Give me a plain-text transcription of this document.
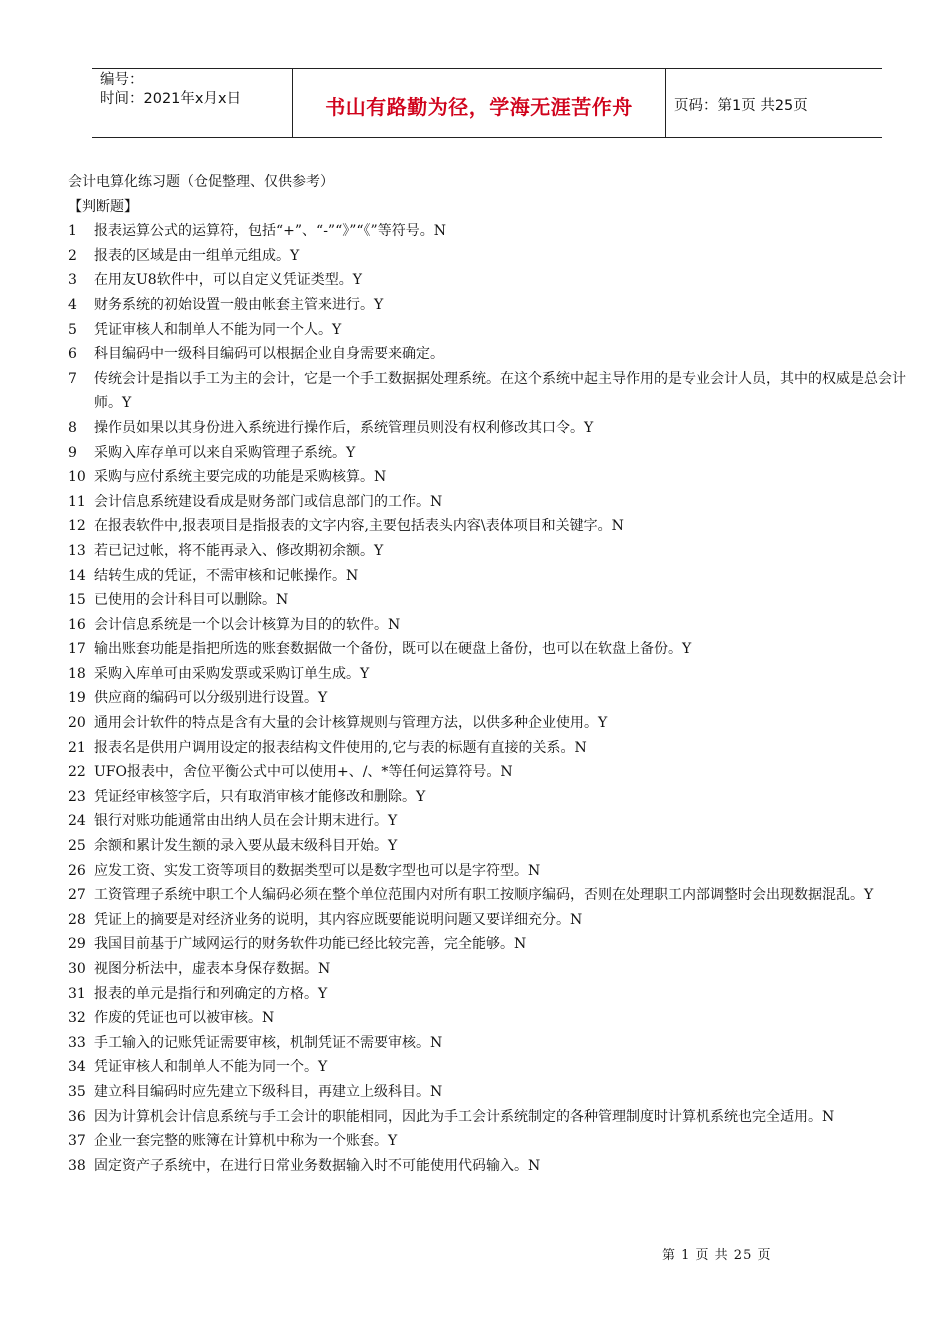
编号：
时间：2021年x月x日	书山有路勤为径，学海无涯苦作舟	页码：第1页 共25页
会计电算化练习题（仓促整理、仅供参考）
【判断题】
1	报表运算公式的运算符，包括“+”、“-”“》”“《”等符号。N
2	报表的区域是由一组单元组成。Y
3	在用友U8软件中，可以自定义凭证类型。Y
4	财务系统的初始设置一般由帐套主管来进行。Y
5	凭证审核人和制单人不能为同一个人。Y
6	科目编码中一级科目编码可以根据企业自身需要来确定。
7	传统会计是指以手工为主的会计，它是一个手工数据据处理系统。在这个系统中起主导作用的是专业会计人员，其中的权威是总会计师。Y
8	操作员如果以其身份进入系统进行操作后，系统管理员则没有权利修改其口令。Y
9	采购入库存单可以来自采购管理子系统。Y
10 采购与应付系统主要完成的功能是采购核算。N
11 会计信息系统建设看成是财务部门或信息部门的工作。N
12 在报表软件中,报表项目是指报表的文字内容,主要包括表头内容\表体项目和关键字。N
13 若已记过帐，将不能再录入、修改期初余额。Y
14 结转生成的凭证，不需审核和记帐操作。N
15 已使用的会计科目可以删除。N
16 会计信息系统是一个以会计核算为目的的软件。N
17 输出账套功能是指把所选的账套数据做一个备份，既可以在硬盘上备份，也可以在软盘上备份。Y
18 采购入库单可由采购发票或采购订单生成。Y
19 供应商的编码可以分级别进行设置。Y
20 通用会计软件的特点是含有大量的会计核算规则与管理方法，以供多种企业使用。Y
21 报表名是供用户调用设定的报表结构文件使用的,它与表的标题有直接的关系。N
22 UFO报表中，舍位平衡公式中可以使用+、/、*等任何运算符号。N
23 凭证经审核签字后，只有取消审核才能修改和删除。Y
24 银行对账功能通常由出纳人员在会计期末进行。Y
25 余额和累计发生额的录入要从最末级科目开始。Y
26 应发工资、实发工资等项目的数据类型可以是数字型也可以是字符型。N
27 工资管理子系统中职工个人编码必须在整个单位范围内对所有职工按顺序编码，否则在处理职工内部调整时会出现数据混乱。Y
28 凭证上的摘要是对经济业务的说明，其内容应既要能说明问题又要详细充分。N
29 我国目前基于广域网运行的财务软件功能已经比较完善，完全能够。N
30 视图分析法中，虚表本身保存数据。N
31 报表的单元是指行和列确定的方格。Y
32 作废的凭证也可以被审核。N
33 手工输入的记账凭证需要审核，机制凭证不需要审核。N
34 凭证审核人和制单人不能为同一个。Y
35 建立科目编码时应先建立下级科目，再建立上级科目。N
36 因为计算机会计信息系统与手工会计的职能相同，因此为手工会计系统制定的各种管理制度时计算机系统也完全适用。N
37 企业一套完整的账簿在计算机中称为一个账套。Y
38 固定资产子系统中，在进行日常业务数据输入时不可能使用代码输入。N
第 1 页 共 25 页
